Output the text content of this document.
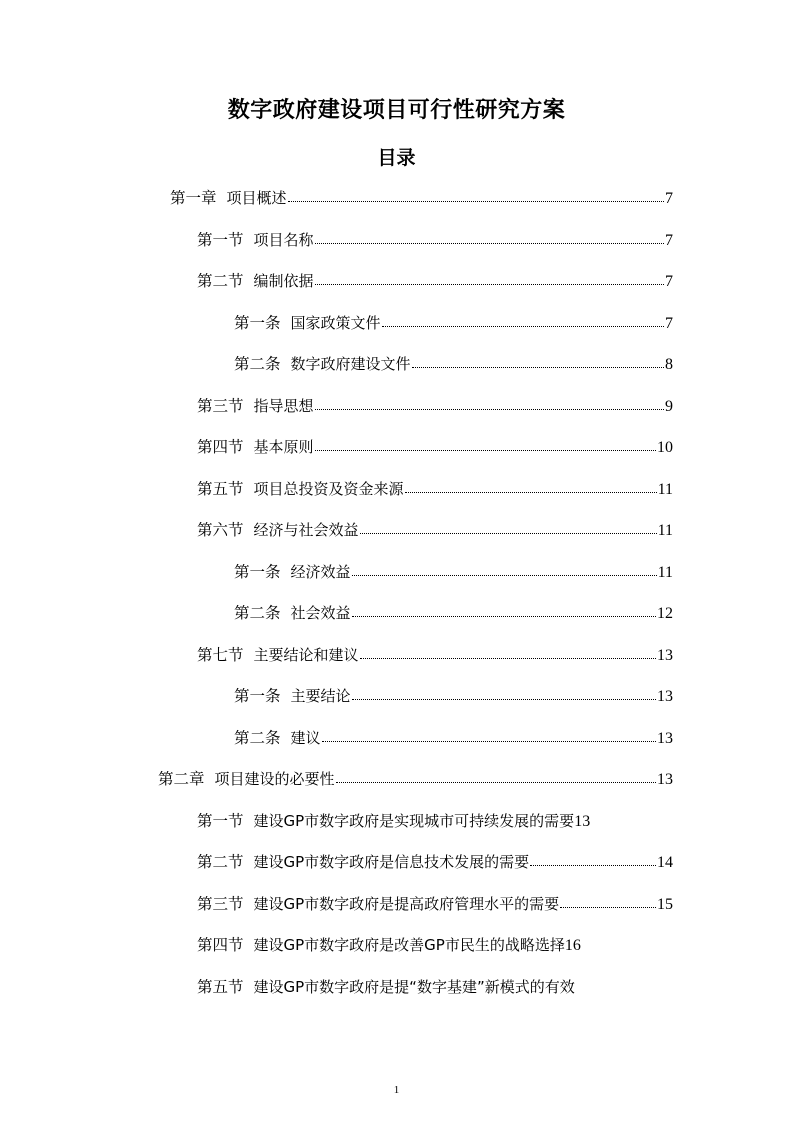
数字政府建设项目可行性研究方案
目录
第一章 项目概述	7
第一节 项目名称	7
第二节 编制依据	7
第一条 国家政策文件	7
第二条 数字政府建设文件	8
第三节 指导思想	9
第四节 基本原则	10
第五节 项目总投资及资金来源	11
第六节 经济与社会效益	11
第一条 经济效益	11
第二条 社会效益	12
第七节 主要结论和建议	13
第一条 主要结论	13
第二条 建议	13
第二章 项目建设的必要性	13
第一节 建设GP市数字政府是实现城市可持续发展的需要 13
第二节 建设GP市数字政府是信息技术发展的需要	14
第三节 建设GP市数字政府是提高政府管理水平的需要	15
第四节 建设GP市数字政府是改善GP市民生的战略选择 16
第五节 建设GP市数字政府是提“数字基建”新模式的有效
1
